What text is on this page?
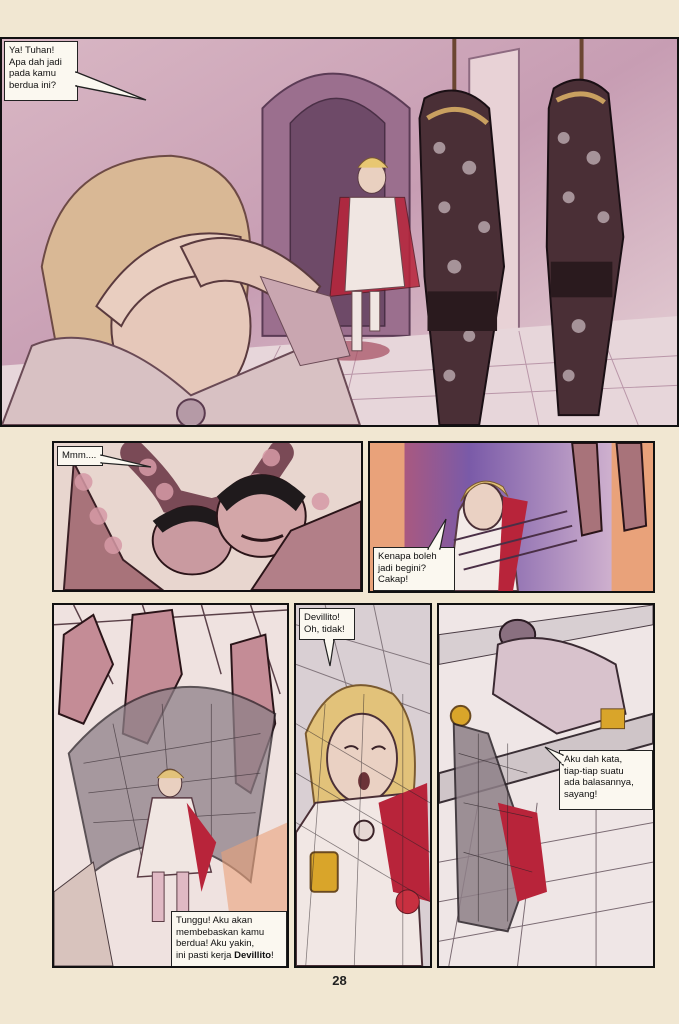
Ya! Tuhan!
Apa dah jadi
pada kamu
berdua ini?
Mmm....
Kenapa boleh
jadi begini?
Cakap!
Tunggu! Aku akan
membebaskan kamu
berdua! Aku yakin,
ini pasti kerja Devillito!
Devillito!
Oh, tidak!
Aku dah kata,
tiap-tiap suatu
ada balasannya,
sayang!
28
